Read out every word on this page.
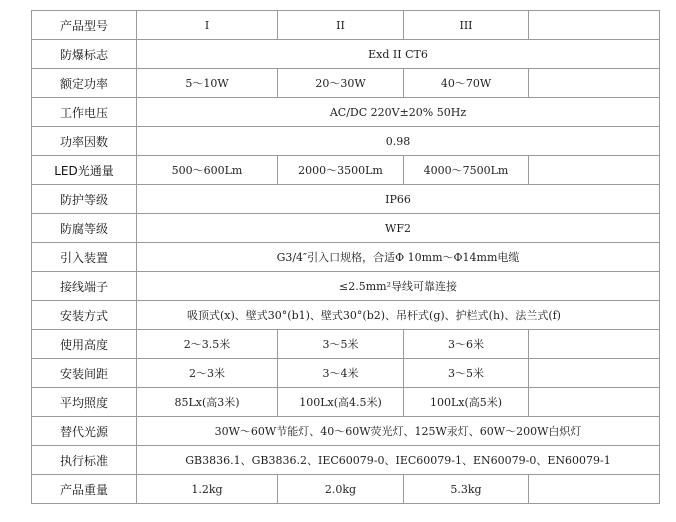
产品型号	I	II	III	
防爆标志	Exd II CT6			
额定功率	5～10W	20～30W	40～70W	
工作电压	AC/DC 220V±20% 50Hz			
功率因数	0.98			
LED光通量	500～600Lm	2000～3500Lm	4000～7500Lm	
防护等级	IP66			
防腐等级	WF2			
引入装置	G3/4″引入口规格，合适Φ 10mm～Φ14mm电缆			
接线端子	≤2.5mm²导线可靠连接			
安装方式	吸顶式(x)、壁式30°(b1)、壁式30°(b2)、吊杆式(g)、护栏式(h)、法兰式(f)			
使用高度	2～3.5米	3～5米	3～6米	
安装间距	2～3米	3～4米	3～5米	
平均照度	85Lx(高3米)	100Lx(高4.5米)	100Lx(高5米)	
替代光源	30W～60W节能灯、40～60W荧光灯、125W汞灯、60W～200W白炽灯			
执行标准	GB3836.1、GB3836.2、IEC60079-0、IEC60079-1、EN60079-0、EN60079-1			
产品重量	1.2kg	2.0kg	5.3kg	
